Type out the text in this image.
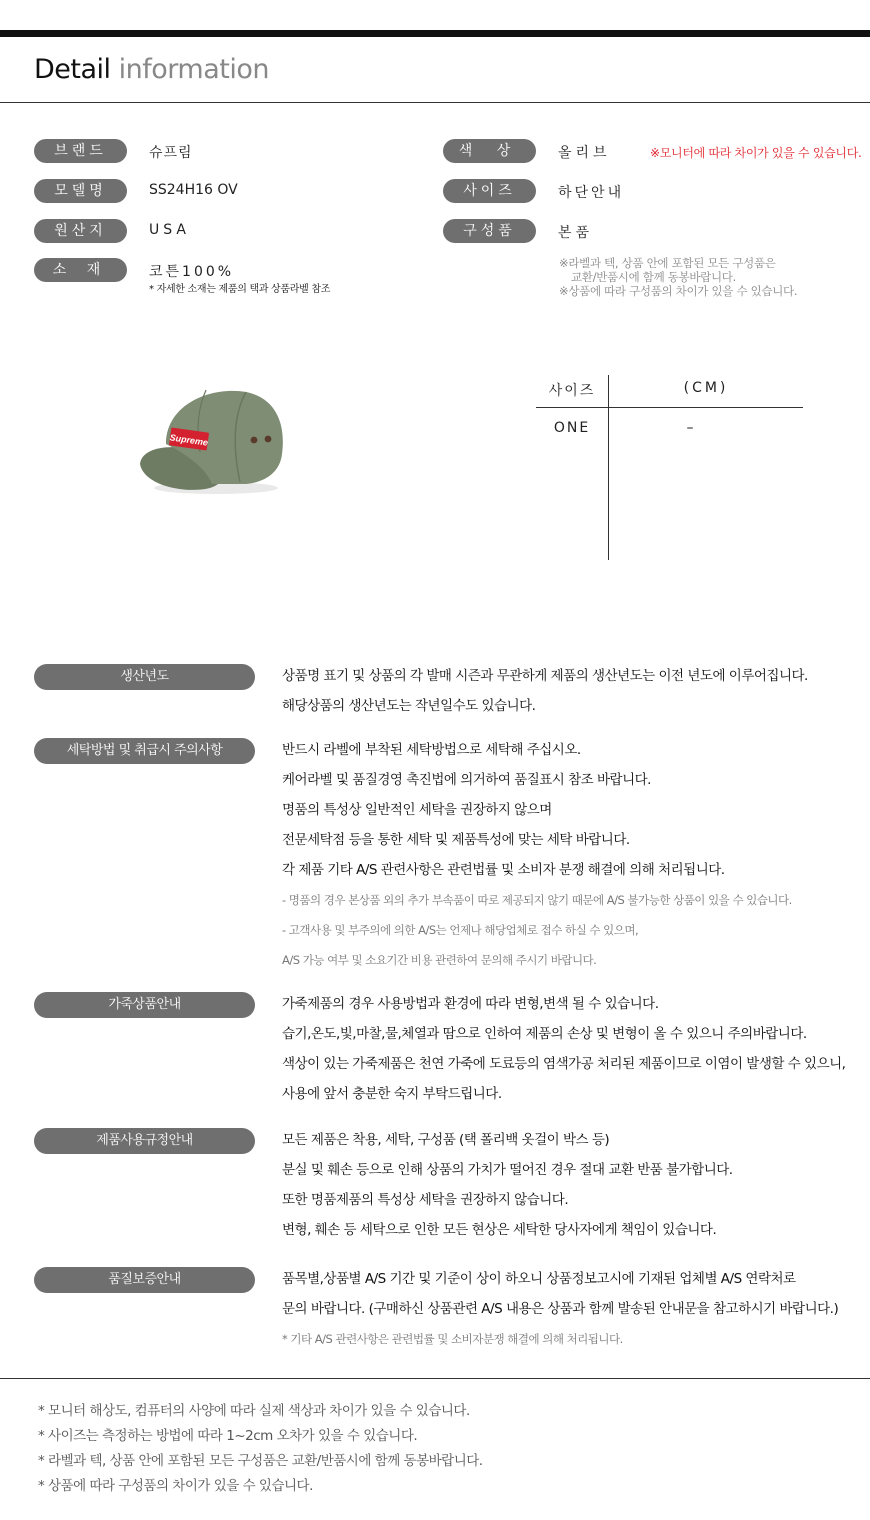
Detail information
브랜드	슈프림
모델명	SS24H16 OV
원산지	USA
소 재	코튼100%
* 자세한 소재는 제품의 택과 상품라벨 참조
색 상	올리브	※모니터에 따라 차이가 있을 수 있습니다.
사이즈	하단안내
구성품	본품
※라벨과 텍, 상품 안에 포함된 모든 구성품은
교환/반품시에 함께 동봉바랍니다.
※상품에 따라 구성품의 차이가 있을 수 있습니다.
Supreme
사이즈	(CM)
ONE	–
생산년도	상품명 표기 및 상품의 각 발매 시즌과 무관하게 제품의 생산년도는 이전 년도에 이루어집니다.
해당상품의 생산년도는 작년일수도 있습니다.
세탁방법 및 취급시 주의사항	반드시 라벨에 부착된 세탁방법으로 세탁해 주십시오.
케어라벨 및 품질경영 촉진법에 의거하여 품질표시 참조 바랍니다.
명품의 특성상 일반적인 세탁을 권장하지 않으며
전문세탁점 등을 통한 세탁 및 제품특성에 맞는 세탁 바랍니다.
각 제품 기타 A/S 관련사항은 관련법률 및 소비자 분쟁 해결에 의해 처리됩니다.
- 명품의 경우 본상품 외의 추가 부속품이 따로 제공되지 않기 때문에 A/S 불가능한 상품이 있을 수 있습니다.
- 고객사용 및 부주의에 의한 A/S는 언제나 해당업체로 접수 하실 수 있으며,
A/S 가능 여부 및 소요기간 비용 관련하여 문의해 주시기 바랍니다.
가죽상품안내	가죽제품의 경우 사용방법과 환경에 따라 변형,변색 될 수 있습니다.
습기,온도,빛,마찰,물,체열과 땀으로 인하여 제품의 손상 및 변형이 올 수 있으니 주의바랍니다.
색상이 있는 가죽제품은 천연 가죽에 도료등의 염색가공 처리된 제품이므로 이염이 발생할 수 있으니,
사용에 앞서 충분한 숙지 부탁드립니다.
제품사용규정안내	모든 제품은 착용, 세탁, 구성품 (택 폴리백 옷걸이 박스 등)
분실 및 훼손 등으로 인해 상품의 가치가 떨어진 경우 절대 교환 반품 불가합니다.
또한 명품제품의 특성상 세탁을 권장하지 않습니다.
변형, 훼손 등 세탁으로 인한 모든 현상은 세탁한 당사자에게 책임이 있습니다.
품질보증안내	품목별,상품별 A/S 기간 및 기준이 상이 하오니 상품정보고시에 기재된 업체별 A/S 연락처로
문의 바랍니다. (구매하신 상품관련 A/S 내용은 상품과 함께 발송된 안내문을 참고하시기 바랍니다.)
* 기타 A/S 관련사항은 관련법률 및 소비자분쟁 해결에 의해 처리됩니다.
* 모니터 해상도, 컴퓨터의 사양에 따라 실제 색상과 차이가 있을 수 있습니다.
* 사이즈는 측정하는 방법에 따라 1~2cm 오차가 있을 수 있습니다.
* 라벨과 텍, 상품 안에 포함된 모든 구성품은 교환/반품시에 함께 동봉바랍니다.
* 상품에 따라 구성품의 차이가 있을 수 있습니다.
